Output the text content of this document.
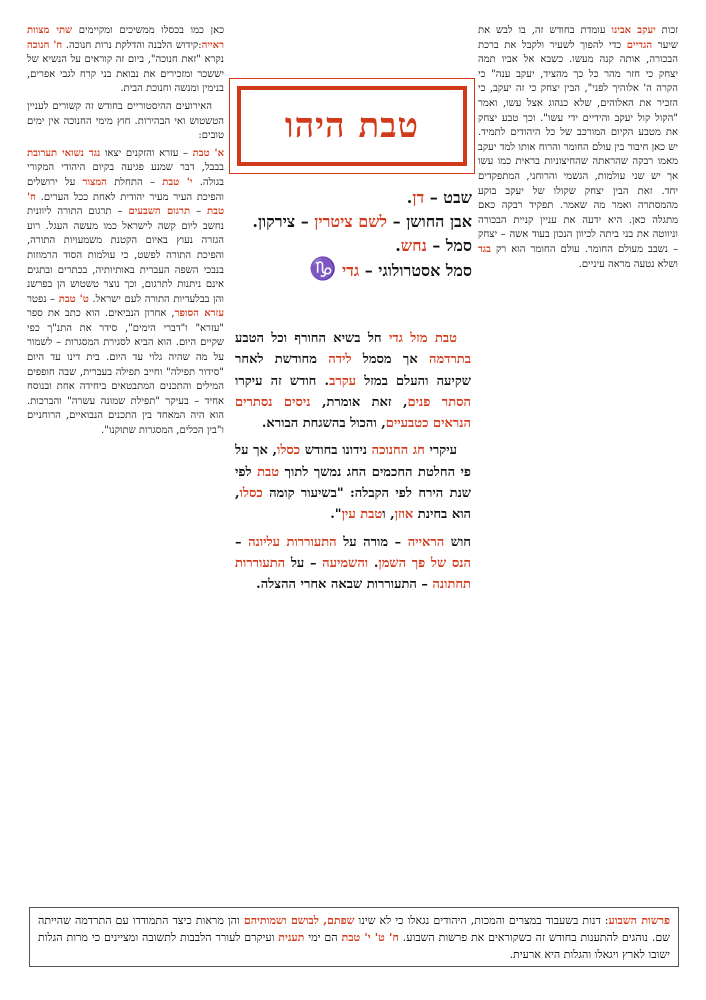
זכות יעקב אבינו עומדת בחודש זה, בו לבש את שיער הגדיים כדי להפוך לשעיר ולקבל את ברכת הבכורה, אותה קנה מעשו. כשבא אל אביו תמה יצחק כי חזר מהר כל כך מהציד, יעקב ענה" כי הקרה ה' אלוהיך לפני", הבין יצחק כי זה יעקב, כי הזכיר את האלוהים, שלא כנהוג אצל עשו, ואמר "הקול קול יעקב והידיים ידי עשו". וכך טבע יצחק את מטבע הקיום המורכב של כל היהודים לתמיד. יש כאן חיבור בין עולם החומר והרוח אותו למד יעקב מאמו רבקה שהראתה שהחיצוניות בראית כמו עשו אך יש שני עולמות, הגשמי והרוחני, המתפקדים יחד. זאת הבין יצחק שקולו של יעקב בוקע מהמסתרה ואמר מה שאמר. תפקיד רבקה כאם מתגלה כאן. היא ידעה את עניין קניית הבכורה וניווטה את בני ביתה לכיוון הנכון בעוד אשה – יצחק – נשבב מעולם החומר. עולם החומר הוא רק בגד ושלא נטעה מראה עיניים.

כאן כמו בכסלו ממשיכים ומקיימים שתי מצוות ראייה:קידוש הלבנה והדלקת נרות חנוכה. ח' חנוכה נקרא "זאת חנוכה", ביום זה קוראים על הנשיא של יששכר ומזכירים את נבואת בני קרח לגבי אפרים, בנימין ומנשה וחנוכת הבית.

האירועים ההיסטוריים בחודש זה קשורים לעניין הטשטוש ואי הבהירות. חוץ מימי החנוכה אין ימים טובים:

א' טבת – עזרא והזקנים יצאו נגד נשואי תערובת בבבל, דבר שמנע פגיעה בקיום היהודי המקורי בגולה. י' טבת – התחלת המצור על ירושלים והפיכת העיר מעיר יהודית לאחת ככל הערים. ח' טבת – תרגום השבעים – תרגום התורה ליוונית נחשב ליום קשה לישראל כמו מעשה העגל. רוע הגזרה נעוץ באיום הקטנת משמעויות התורה, והפיכת התורה לפשט, כי עולמות הסוד הרמוזות בנבכי השפה העברית באותיותיה, בכתרים ובתגים אינם ניתנות לתרגום, וכך נוצר טשטוש הן בפרשנ והן בבלעדיות התורה לעם ישראל. ט' טבת – נפטר עזרא הסופר, אחרון הנביאים. הוא כתב את ספר "עזרא" ו"דברי הימים", סידר את התנ"ך כפי שקיים היום. הוא הביא לסגירת המסגרות – לשמור על מה שהיה גלוי עד היום. בית דינו עד היום "סידור תפילה" וחייב תפילה בעברית, שבה חופפים המילים והתכנים המתבטאים ביחידה אחת ובנוסח אחיד – בעיקר "תפילת שמונה עשרה" והברכות. הוא היה המאחד בין התכנים הנבואיים, הרוחניים ו"בין הכלים, המסגרות שתוקנו".

טבת היהו
שבט – דן.
אבן החושן – לשם ציטרין – צירקון.
סמל – נחש.
סמל אסטרולוגי – גדי ♑

טבת מזל גדי חל בשיא החורף וכל הטבע בתרדמה אך מסמל לידה מחודשת לאחר שקיעה והעלם במזל עקרב. חודש זה עיקרו הסתר פנים, זאת אומרת, ניסים נסתרים הנראים כטבעיים, והכול בהשגחת הבורא.

עיקרי חג החנוכה נידונו בחודש כסלו, אך על פי החלטת החכמים החג נמשך לתוך טבת לפי שנת הירח לפי הקבלה: "בשיעור קומה כסלו, הוא בחינת אוזן, וטבת עין".

חוש הראייה – מורה על התעוררות עליונה – הנס של פך השמן. והשמיעה – על התעוררות תחתונה – התעוררות שבאה אחרי ההצלה.

פרשות השבוע: דנות בשעבוד במצרים והמכות, היהודים נגאלו כי לא שינו שפתם, לבושם ושמותיהם והן מראות כיצד התמודדו עם התרדמה שהייתה שם. נוהגים להתענות בחודש זה כשקוראים את פרשות השבוע. ח' ט' י' טבת הם ימי תענית ועיקרם לעורר הלבבות לתשובה ומציינים כי מרות הגלות ישובו לארץ ויגאלו והגלות היא ארעית.
